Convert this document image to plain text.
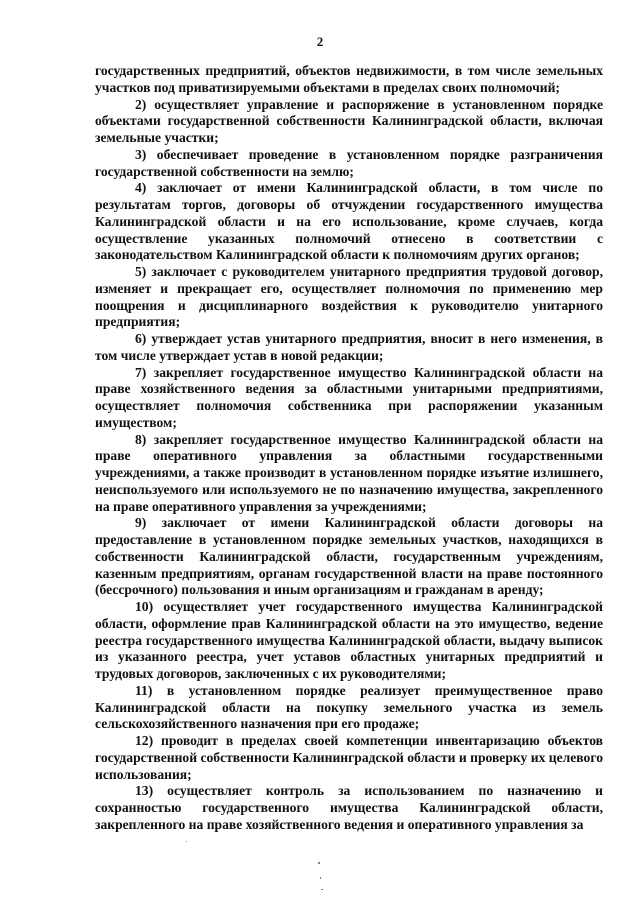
2

государственных предприятий, объектов недвижимости, в том числе земельных участков под приватизируемыми объектами в пределах своих полномочий;

2) осуществляет управление и распоряжение в установленном порядке объектами государственной собственности Калининградской области, включая земельные участки;

3) обеспечивает проведение в установленном порядке разграничения государственной собственности на землю;

4) заключает от имени Калининградской области, в том числе по результатам торгов, договоры об отчуждении государственного имущества Калининградской области и на его использование, кроме случаев, когда осуществление указанных полномочий отнесено в соответствии с законодательством Калининградской области к полномочиям других органов;

5) заключает с руководителем унитарного предприятия трудовой договор, изменяет и прекращает его, осуществляет полномочия по применению мер поощрения и дисциплинарного воздействия к руководителю унитарного предприятия;

6) утверждает устав унитарного предприятия, вносит в него изменения, в том числе утверждает устав в новой редакции;

7) закрепляет государственное имущество Калининградской области на праве хозяйственного ведения за областными унитарными предприятиями, осуществляет полномочия собственника при распоряжении указанным имуществом;

8) закрепляет государственное имущество Калининградской области на праве оперативного управления за областными государственными учреждениями, а также производит в установленном порядке изъятие излишнего, неиспользуемого или используемого не по назначению имущества, закрепленного на праве оперативного управления за учреждениями;

9) заключает от имени Калининградской области договоры на предоставление в установленном порядке земельных участков, находящихся в собственности Калининградской области, государственным учреждениям, казенным предприятиям, органам государственной власти на праве постоянного (бессрочного) пользования и иным организациям и гражданам в аренду;

10) осуществляет учет государственного имущества Калининградской области, оформление прав Калининградской области на это имущество, ведение реестра государственного имущества Калининградской области, выдачу выписок из указанного реестра, учет уставов областных унитарных предприятий и трудовых договоров, заключенных с их руководителями;

11) в установленном порядке реализует преимущественное право Калининградской области на покупку земельного участка из земель сельскохозяйственного назначения при его продаже;

12) проводит в пределах своей компетенции инвентаризацию объектов государственной собственности Калининградской области и проверку их целевого использования;

13) осуществляет контроль за использованием по назначению и сохранностью государственного имущества Калининградской области, закрепленного на праве хозяйственного ведения и оперативного управления за
